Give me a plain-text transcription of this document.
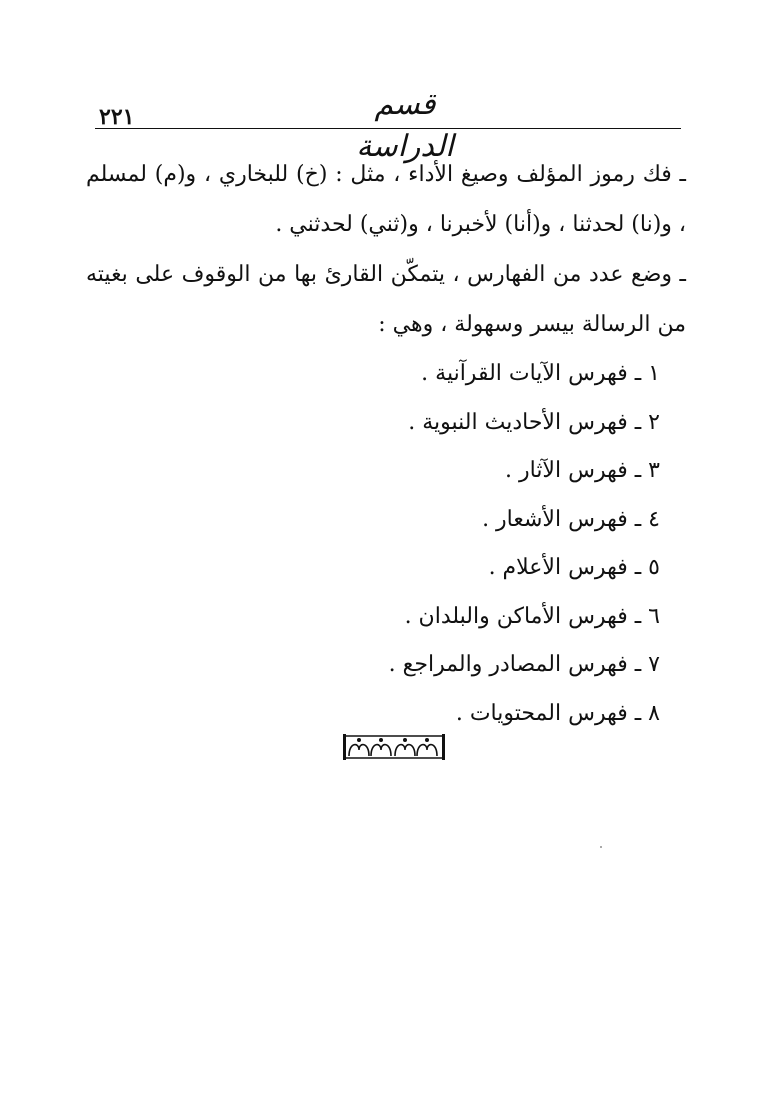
٢٢١	قسم الدراسة

ـ فك رموز المؤلف وصيغ الأداء ، مثل : (خ) للبخاري ، و(م) لمسلم ، و(نا) لحدثنا ، و(أنا) لأخبرنا ، و(ثني) لحدثني .

ـ وضع عدد من الفهارس ، يتمكّن القارئ بها من الوقوف على بغيته من الرسالة بيسر وسهولة ، وهي :

١ ـ فهرس الآيات القرآنية .
٢ ـ فهرس الأحاديث النبوية .
٣ ـ فهرس الآثار .
٤ ـ فهرس الأشعار .
٥ ـ فهرس الأعلام .
٦ ـ فهرس الأماكن والبلدان .
٧ ـ فهرس المصادر والمراجع .
٨ ـ فهرس المحتويات .
